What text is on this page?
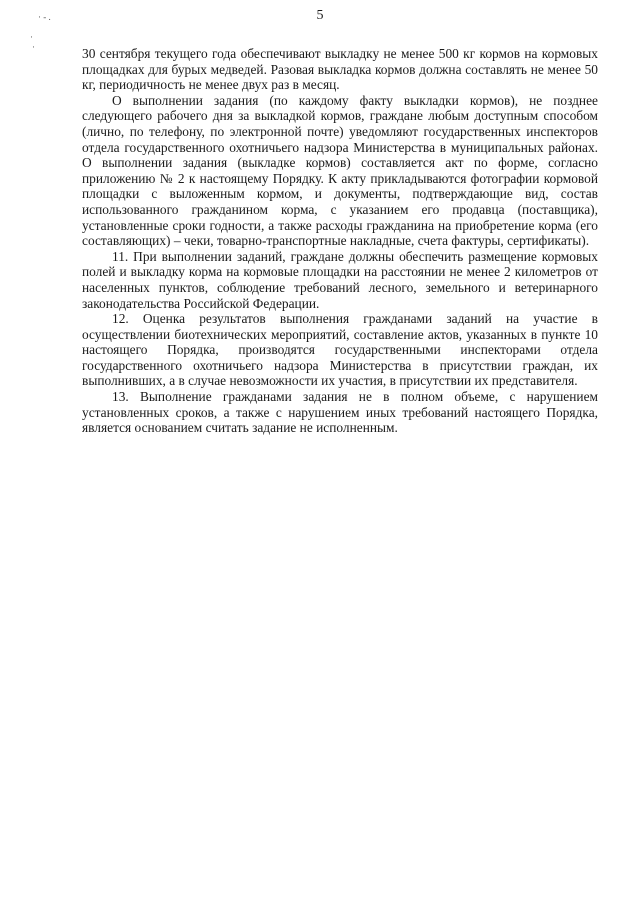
· - .
·
·
5

30 сентября текущего года обеспечивают выкладку не менее 500 кг кормов на кормовых площадках для бурых медведей. Разовая выкладка кормов должна составлять не менее 50 кг, периодичность не менее двух раз в месяц.

О выполнении задания (по каждому факту выкладки кормов), не позднее следующего рабочего дня за выкладкой кормов, граждане любым доступным способом (лично, по телефону, по электронной почте) уведомляют государственных инспекторов отдела государственного охотничьего надзора Министерства в муниципальных районах. О выполнении задания (выкладке кормов) составляется акт по форме, согласно приложению № 2 к настоящему Порядку. К акту прикладываются фотографии кормовой площадки с выложенным кормом, и документы, подтверждающие вид, состав использованного гражданином корма, с указанием его продавца (поставщика), установленные сроки годности, а также расходы гражданина на приобретение корма (его составляющих) – чеки, товарно-транспортные накладные, счета фактуры, сертификаты).

11. При выполнении заданий, граждане должны обеспечить размещение кормовых полей и выкладку корма на кормовые площадки на расстоянии не менее 2 километров от населенных пунктов, соблюдение требований лесного, земельного и ветеринарного законодательства Российской Федерации.

12. Оценка результатов выполнения гражданами заданий на участие в осуществлении биотехнических мероприятий, составление актов, указанных в пункте 10 настоящего Порядка, производятся государственными инспекторами отдела государственного охотничьего надзора Министерства в присутствии граждан, их выполнивших, а в случае невозможности их участия, в присутствии их представителя.

13. Выполнение гражданами задания не в полном объеме, с нарушением установленных сроков, а также с нарушением иных требований настоящего Порядка, является основанием считать задание не исполненным.
